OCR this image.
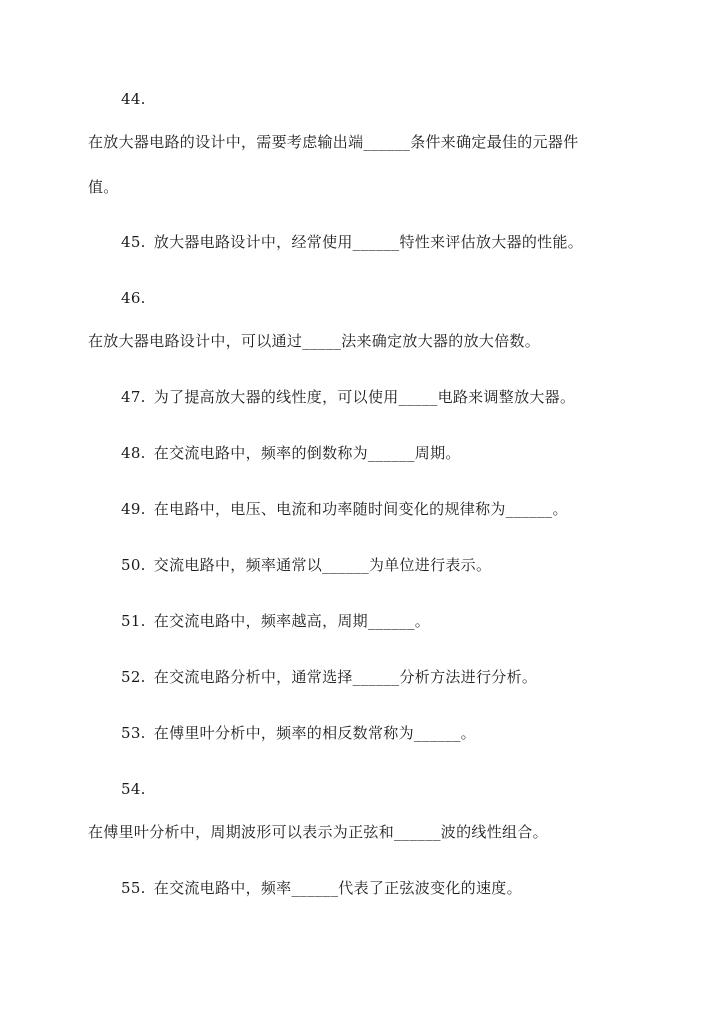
44.
在放大器电路的设计中，需要考虑输出端______条件来确定最佳的元器件
值。
45. 放大器电路设计中，经常使用______特性来评估放大器的性能。
46.
在放大器电路设计中，可以通过_____法来确定放大器的放大倍数。
47. 为了提高放大器的线性度，可以使用_____电路来调整放大器。
48. 在交流电路中，频率的倒数称为______周期。
49. 在电路中，电压、电流和功率随时间变化的规律称为______。
50. 交流电路中，频率通常以______为单位进行表示。
51. 在交流电路中，频率越高，周期______。
52. 在交流电路分析中，通常选择______分析方法进行分析。
53. 在傅里叶分析中，频率的相反数常称为______。
54.
在傅里叶分析中，周期波形可以表示为正弦和______波的线性组合。
55. 在交流电路中，频率______代表了正弦波变化的速度。
